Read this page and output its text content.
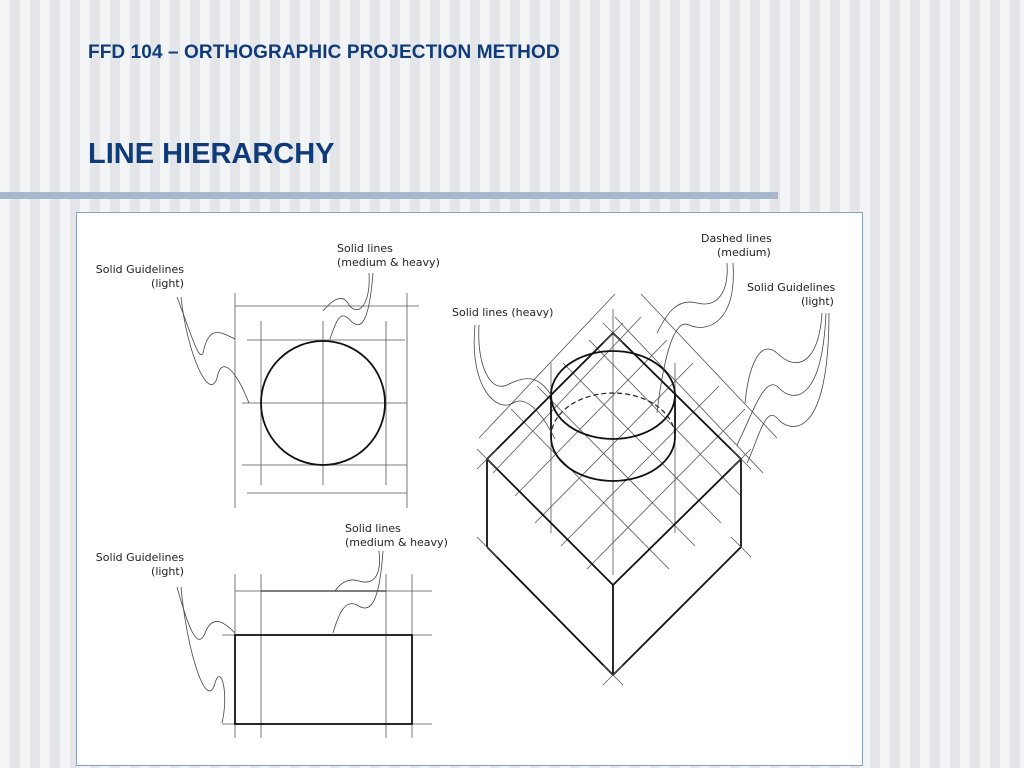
FFD 104 – ORTHOGRAPHIC PROJECTION METHOD
LINE HIERARCHY
Solid Guidelines
(light)
Solid lines
(medium & heavy)
Solid Guidelines
(light)
Solid lines
(medium & heavy)
Solid lines (heavy)
Dashed lines
(medium)
Solid Guidelines
(light)
